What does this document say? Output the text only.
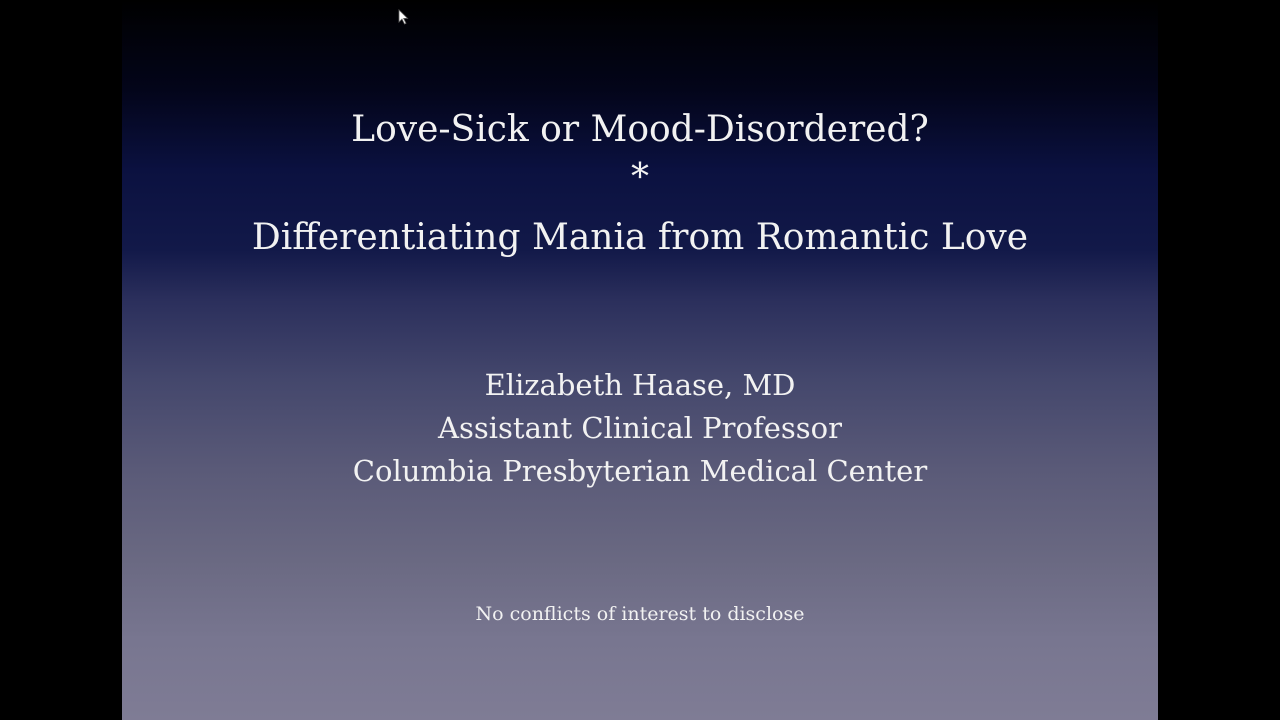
Love-Sick or Mood-Disordered?
*
Differentiating Mania from Romantic Love
Elizabeth Haase, MD
Assistant Clinical Professor
Columbia Presbyterian Medical Center
No conflicts of interest to disclose
